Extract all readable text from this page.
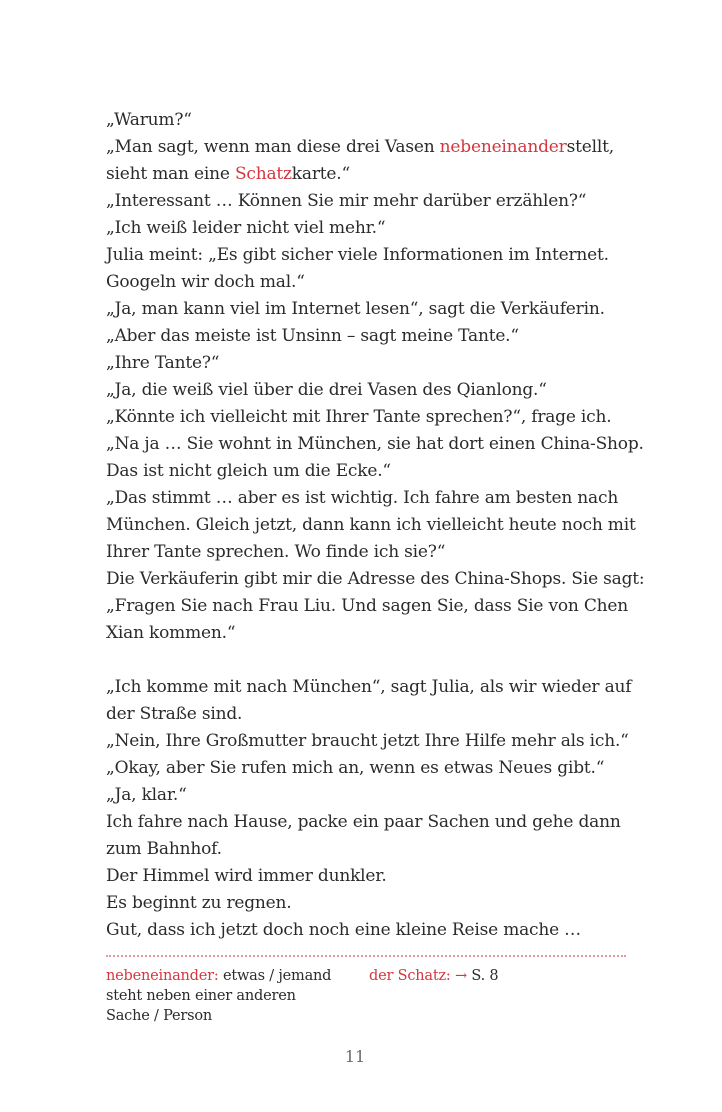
„Warum?“
„Man sagt, wenn man diese drei Vasen nebeneinanderstellt,
sieht man eine Schatzkarte.“
„Interessant … Können Sie mir mehr darüber erzählen?“
„Ich weiß leider nicht viel mehr.“
Julia meint: „Es gibt sicher viele Informationen im Internet.
Googeln wir doch mal.“
„Ja, man kann viel im Internet lesen“, sagt die Verkäuferin.
„Aber das meiste ist Unsinn – sagt meine Tante.“
„Ihre Tante?“
„Ja, die weiß viel über die drei Vasen des Qianlong.“
„Könnte ich vielleicht mit Ihrer Tante sprechen?“, frage ich.
„Na ja … Sie wohnt in München, sie hat dort einen China-Shop.
Das ist nicht gleich um die Ecke.“
„Das stimmt … aber es ist wichtig. Ich fahre am besten nach
München. Gleich jetzt, dann kann ich vielleicht heute noch mit
Ihrer Tante sprechen. Wo finde ich sie?“
Die Verkäuferin gibt mir die Adresse des China-Shops. Sie sagt:
„Fragen Sie nach Frau Liu. Und sagen Sie, dass Sie von Chen
Xian kommen.“
„Ich komme mit nach München“, sagt Julia, als wir wieder auf
der Straße sind.
„Nein, Ihre Großmutter braucht jetzt Ihre Hilfe mehr als ich.“
„Okay, aber Sie rufen mich an, wenn es etwas Neues gibt.“
„Ja, klar.“
Ich fahre nach Hause, packe ein paar Sachen und gehe dann
zum Bahnhof.
Der Himmel wird immer dunkler.
Es beginnt zu regnen.
Gut, dass ich jetzt doch noch eine kleine Reise mache …
nebeneinander: etwas / jemand
steht neben einer anderen
Sache / Person
der Schatz: → S. 8
11
